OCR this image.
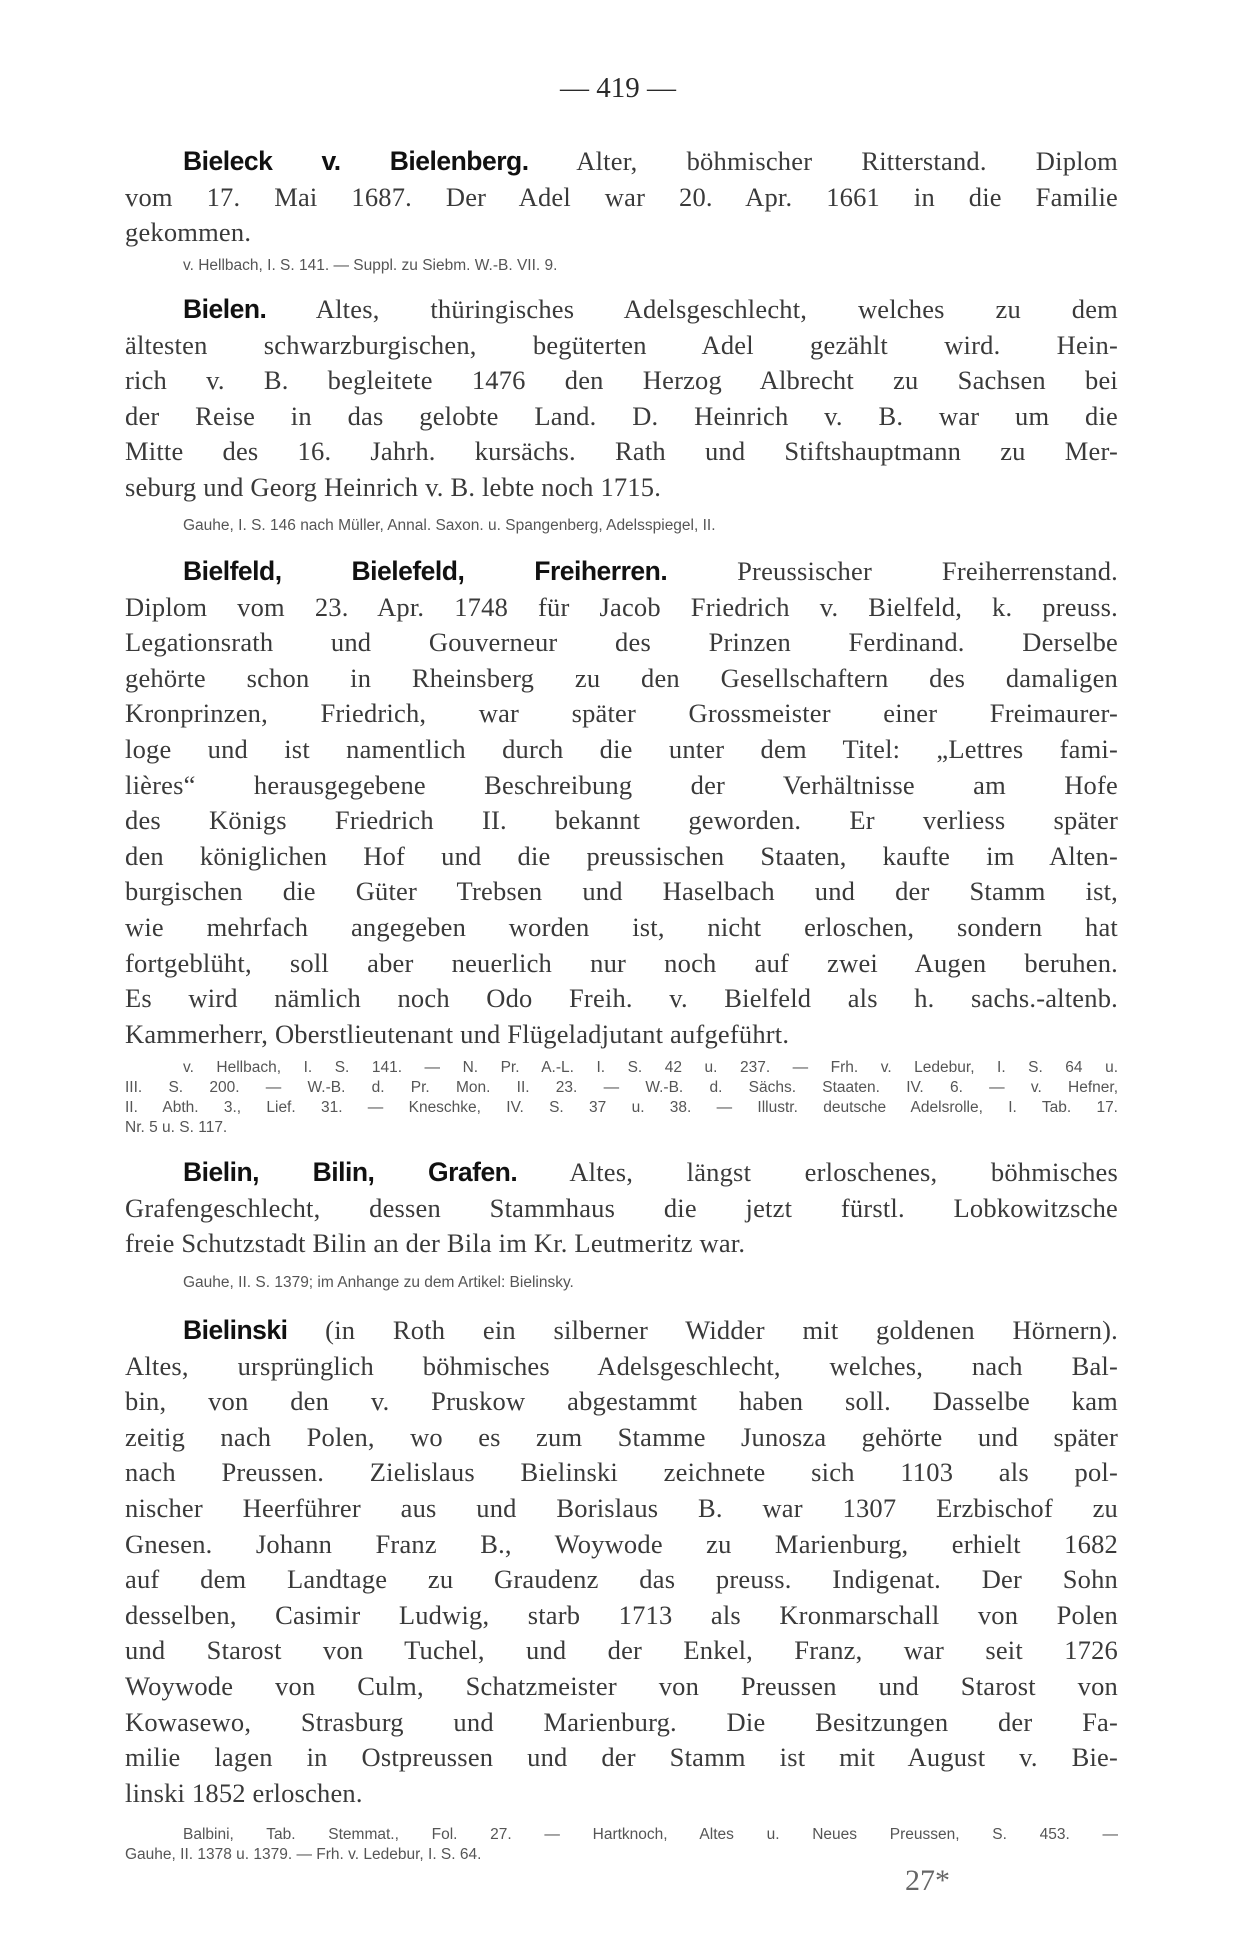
— 419 —
Bieleck v. Bielenberg. Alter, böhmischer Ritterstand. Diplom
vom 17. Mai 1687. Der Adel war 20. Apr. 1661 in die Familie
gekommen.
v. Hellbach, I. S. 141. — Suppl. zu Siebm. W.-B. VII. 9.
Bielen. Altes, thüringisches Adelsgeschlecht, welches zu dem
ältesten schwarzburgischen, begüterten Adel gezählt wird. Hein-
rich v. B. begleitete 1476 den Herzog Albrecht zu Sachsen bei
der Reise in das gelobte Land. D. Heinrich v. B. war um die
Mitte des 16. Jahrh. kursächs. Rath und Stiftshauptmann zu Mer-
seburg und Georg Heinrich v. B. lebte noch 1715.
Gauhe, I. S. 146 nach Müller, Annal. Saxon. u. Spangenberg, Adelsspiegel, II.
Bielfeld, Bielefeld, Freiherren.	Preussischer Freiherrenstand.
Diplom vom 23. Apr. 1748 für Jacob Friedrich v. Bielfeld, k. preuss.
Legationsrath und Gouverneur des Prinzen Ferdinand. Derselbe
gehörte schon in Rheinsberg zu den Gesellschaftern des damaligen
Kronprinzen, Friedrich, war später Grossmeister einer Freimaurer-
loge und ist namentlich durch die unter dem Titel: „Lettres fami-
lières“ herausgegebene Beschreibung der Verhältnisse am Hofe
des Königs Friedrich II. bekannt geworden. Er verliess später
den königlichen Hof und die preussischen Staaten, kaufte im Alten-
burgischen die Güter Trebsen und Haselbach und der Stamm ist,
wie mehrfach angegeben worden ist, nicht erloschen, sondern hat
fortgeblüht, soll aber neuerlich nur noch auf zwei Augen beruhen.
Es wird nämlich noch Odo Freih. v. Bielfeld als h. sachs.-altenb.
Kammerherr, Oberstlieutenant und Flügeladjutant aufgeführt.
v. Hellbach, I. S. 141. — N. Pr. A.-L. I. S. 42 u. 237. — Frh. v. Ledebur, I. S. 64 u.
III. S. 200. — W.-B. d. Pr. Mon. II. 23. — W.-B. d. Sächs. Staaten. IV. 6. — v. Hefner,
II. Abth. 3., Lief. 31. — Kneschke, IV. S. 37 u. 38. — Illustr. deutsche Adelsrolle, I. Tab. 17.
Nr. 5 u. S. 117.
Bielin, Bilin, Grafen. Altes, längst erloschenes, böhmisches
Grafengeschlecht, dessen Stammhaus die jetzt fürstl. Lobkowitzsche
freie Schutzstadt Bilin an der Bila im Kr. Leutmeritz war.
Gauhe, II. S. 1379; im Anhange zu dem Artikel: Bielinsky.
Bielinski (in Roth ein silberner Widder mit goldenen Hörnern).
Altes, ursprünglich böhmisches Adelsgeschlecht, welches, nach Bal-
bin, von den v. Pruskow abgestammt haben soll. Dasselbe kam
zeitig nach Polen, wo es zum Stamme Junosza gehörte und später
nach Preussen. Zielislaus Bielinski zeichnete sich 1103 als pol-
nischer Heerführer aus und Borislaus B. war 1307 Erzbischof zu
Gnesen. Johann Franz B., Woywode zu Marienburg, erhielt 1682
auf dem Landtage zu Graudenz das preuss. Indigenat. Der Sohn
desselben, Casimir Ludwig, starb 1713 als Kronmarschall von Polen
und Starost von Tuchel, und der Enkel, Franz, war seit 1726
Woywode von Culm, Schatzmeister von Preussen und Starost von
Kowasewo, Strasburg und Marienburg. Die Besitzungen der Fa-
milie lagen in Ostpreussen und der Stamm ist mit August v. Bie-
linski 1852 erloschen.
Balbini, Tab. Stemmat., Fol. 27. — Hartknoch, Altes u. Neues Preussen, S. 453. —
Gauhe, II. 1378 u. 1379. — Frh. v. Ledebur, I. S. 64.
27*
